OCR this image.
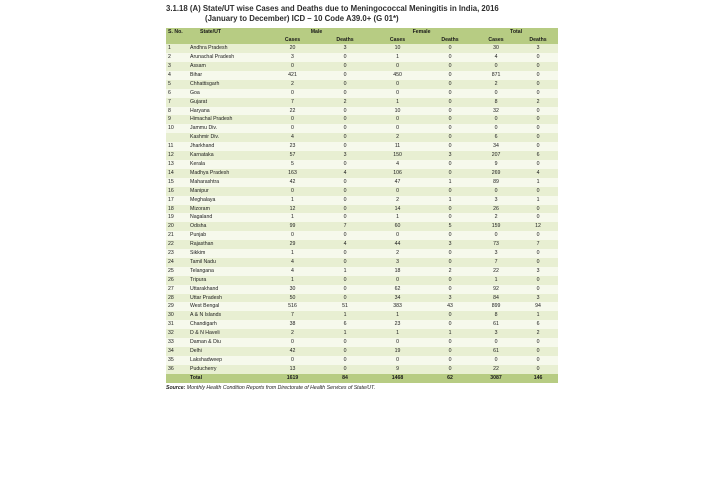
3.1.18 (A) State/UT wise Cases and Deaths due to Meningococcal Meningitis in India, 2016
(January to December) ICD – 10 Code A39.0+ (G 01*)
S. No.	State/UT	Male		Female		Total	
		Cases	Deaths	Cases	Deaths	Cases	Deaths
1	Andhra Pradesh	20	3	10	0	30	3
2	Arunachal Pradesh	3	0	1	0	4	0
3	Assam	0	0	0	0	0	0
4	Bihar	421	0	450	0	871	0
5	Chhattisgarh	2	0	0	0	2	0
6	Goa	0	0	0	0	0	0
7	Gujarat	7	2	1	0	8	2
8	Haryana	22	0	10	0	32	0
9	Himachal Pradesh	0	0	0	0	0	0
10	Jammu Div.	0	0	0	0	0	0
	Kashmir Div.	4	0	2	0	6	0
11	Jharkhand	23	0	11	0	34	0
12	Karnataka	57	3	150	3	207	6
13	Kerala	5	0	4	0	9	0
14	Madhya Pradesh	163	4	106	0	269	4
15	Maharashtra	42	0	47	1	89	1
16	Manipur	0	0	0	0	0	0
17	Meghalaya	1	0	2	1	3	1
18	Mizoram	12	0	14	0	26	0
19	Nagaland	1	0	1	0	2	0
20	Odisha	99	7	60	5	159	12
21	Punjab	0	0	0	0	0	0
22	Rajasthan	29	4	44	3	73	7
23	Sikkim	1	0	2	0	3	0
24	Tamil Nadu	4	0	3	0	7	0
25	Telangana	4	1	18	2	22	3
26	Tripura	1	0	0	0	1	0
27	Uttarakhand	30	0	62	0	92	0
28	Uttar Pradesh	50	0	34	3	84	3
29	West Bengal	516	51	383	43	899	94
30	A & N Islands	7	1	1	0	8	1
31	Chandigarh	38	6	23	0	61	6
32	D & N Haveli	2	1	1	1	3	2
33	Daman & Diu	0	0	0	0	0	0
34	Delhi	42	0	19	0	61	0
35	Lakshadweep	0	0	0	0	0	0
36	Puducherry	13	0	9	0	22	0
	Total	1619	84	1468	62	3087	146
Source: Monthly Health Condition Reports from Directorate of Health Services of State/UT.
